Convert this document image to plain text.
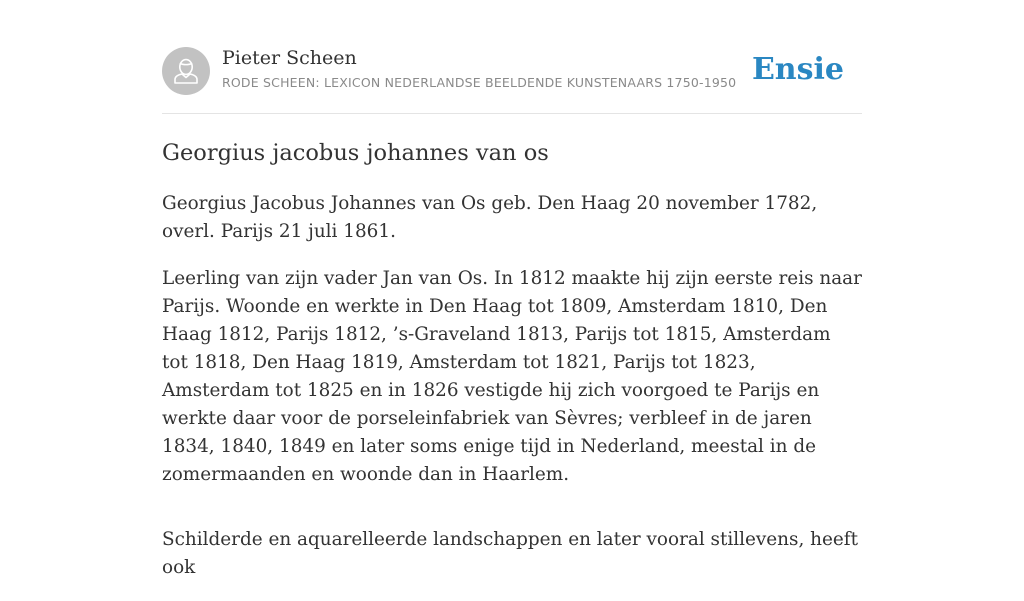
Pieter Scheen
RODE SCHEEN: LEXICON NEDERLANDSE BEELDENDE KUNSTENAARS 1750-1950 Ensie
Georgius jacobus johannes van os

Georgius Jacobus Johannes van Os geb. Den Haag 20 november 1782, overl. Parijs 21 juli 1861.

Leerling van zijn vader Jan van Os. In 1812 maakte hij zijn eerste reis naar Parijs. Woonde en werkte in Den Haag tot 1809, Amsterdam 1810, Den Haag 1812, Parijs 1812, ’s-Graveland 1813, Parijs tot 1815, Amsterdam tot 1818, Den Haag 1819, Amsterdam tot 1821, Parijs tot 1823, Amsterdam tot 1825 en in 1826 vestigde hij zich voorgoed te Parijs en werkte daar voor de porseleinfabriek van Sèvres; verbleef in de jaren 1834, 1840, 1849 en later soms enige tijd in Nederland, meestal in de zomermaanden en woonde dan in Haarlem.

Schilderde en aquarelleerde landschappen en later vooral stillevens, heeft ook
